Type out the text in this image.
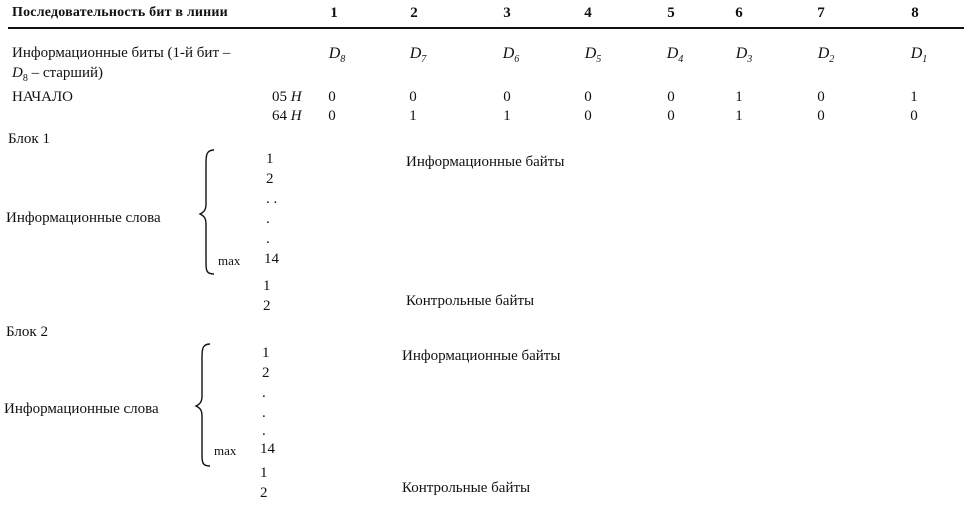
Последовательность бит в линии	1	2	3	4	5	6	7	8
Информационные биты (1-й бит –
$D_8$ – старший)
$D_8$	$D_7$	$D_6$	$D_5$	$D_4$	$D_3$	$D_2$	$D_1$
НАЧАЛО	05 H	0	0	0	0	0	1	0	1
64 H	0	1	1	0	0	1	0	0
Блок 1
Информационные слова
1
2
. .
.
.
max 14
Информационные байты
1
2	Контрольные байты
Блок 2
Информационные слова
1
2
.
.
.
max 14
Информационные байты
1
2	Контрольные байты
